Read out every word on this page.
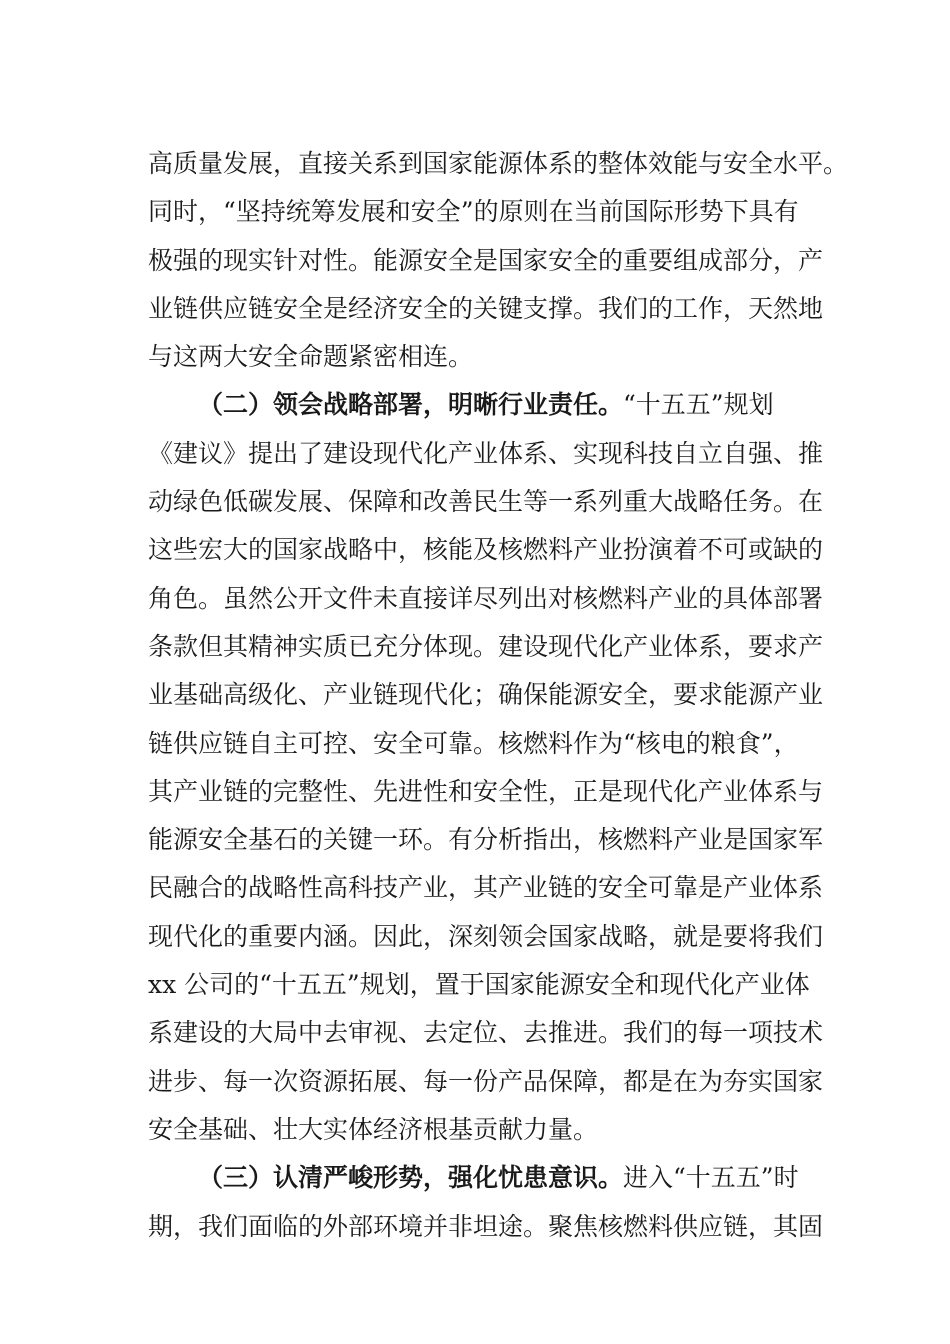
高质量发展，直接关系到国家能源体系的整体效能与安全水平。
同时，“坚持统筹发展和安全”的原则在当前国际形势下具有
极强的现实针对性。能源安全是国家安全的重要组成部分，产
业链供应链安全是经济安全的关键支撑。我们的工作，天然地
与这两大安全命题紧密相连。
（二）领会战略部署，明晰行业责任。“十五五”规划
《建议》提出了建设现代化产业体系、实现科技自立自强、推
动绿色低碳发展、保障和改善民生等一系列重大战略任务。在
这些宏大的国家战略中，核能及核燃料产业扮演着不可或缺的
角色。虽然公开文件未直接详尽列出对核燃料产业的具体部署
条款但其精神实质已充分体现。建设现代化产业体系，要求产
业基础高级化、产业链现代化；确保能源安全，要求能源产业
链供应链自主可控、安全可靠。核燃料作为“核电的粮食”，
其产业链的完整性、先进性和安全性，正是现代化产业体系与
能源安全基石的关键一环。有分析指出，核燃料产业是国家军
民融合的战略性高科技产业，其产业链的安全可靠是产业体系
现代化的重要内涵。因此，深刻领会国家战略，就是要将我们
xx 公司的“十五五”规划，置于国家能源安全和现代化产业体
系建设的大局中去审视、去定位、去推进。我们的每一项技术
进步、每一次资源拓展、每一份产品保障，都是在为夯实国家
安全基础、壮大实体经济根基贡献力量。
（三）认清严峻形势，强化忧患意识。进入“十五五”时
期，我们面临的外部环境并非坦途。聚焦核燃料供应链，其固
